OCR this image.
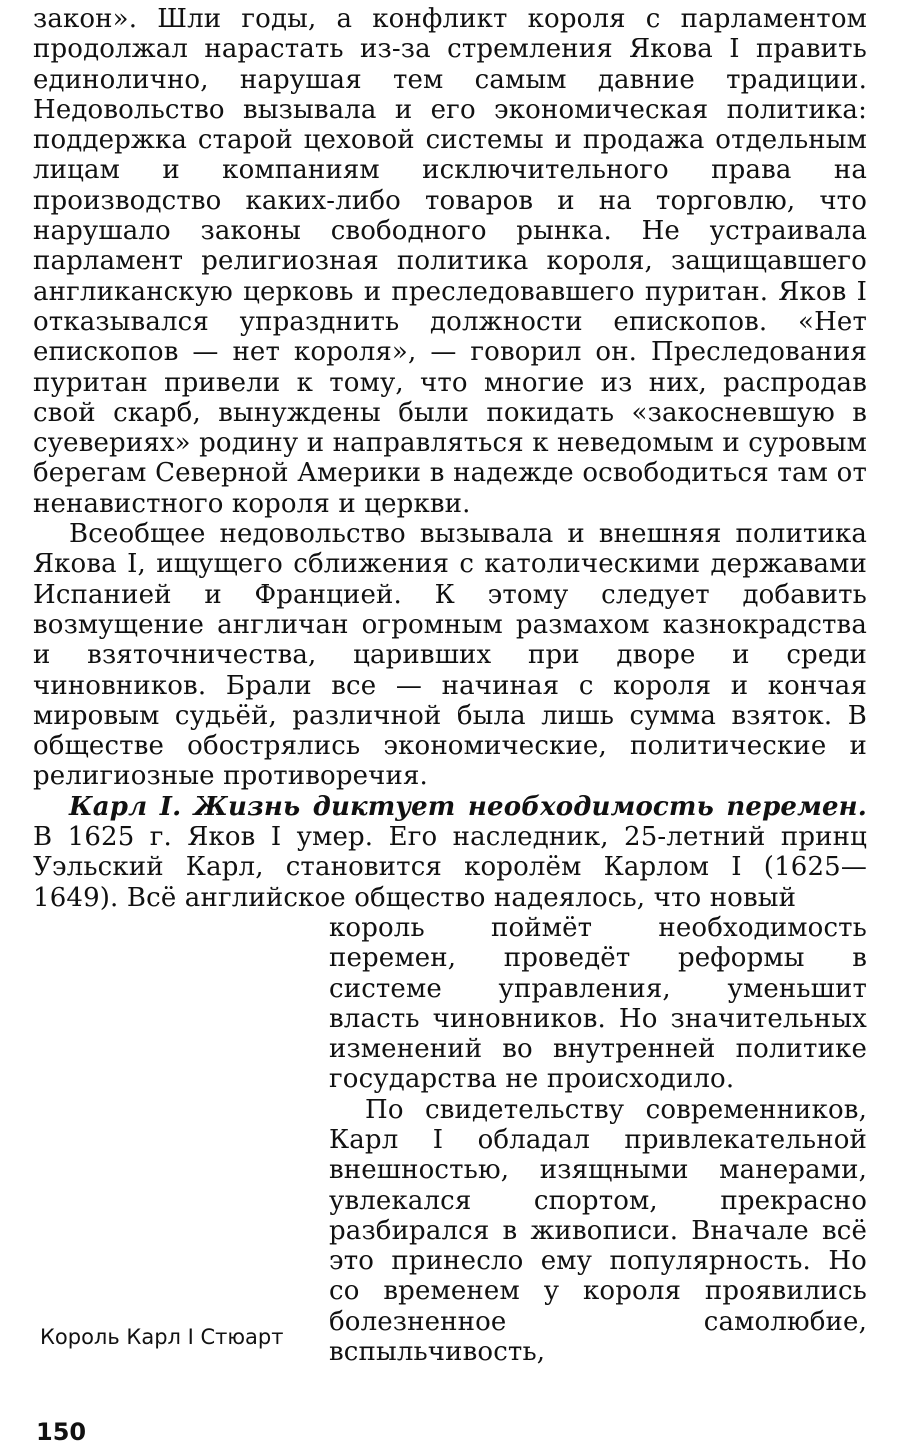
закон». Шли годы, а конфликт короля с парламентом продолжал нарастать из-за стремления Якова I править единолично, нарушая тем самым давние традиции. Недовольство вызывала и его экономическая политика: поддержка старой цеховой системы и продажа отдельным лицам и компаниям исключительного права на производство каких-либо товаров и на торговлю, что нарушало законы свободного рынка. Не устраивала парламент религиозная политика короля, защищавшего англиканскую церковь и преследовавшего пуритан. Яков I отказывался упразднить должности епископов. «Нет епископов — нет короля», — говорил он. Преследования пуритан привели к тому, что многие из них, распродав свой скарб, вынуждены были покидать «закосневшую в суевериях» родину и направляться к неведомым и суровым берегам Северной Америки в надежде освободиться там от ненавистного короля и церкви.

Всеобщее недовольство вызывала и внешняя политика Якова I, ищущего сближения с католическими державами Испанией и Францией. К этому следует добавить возмущение англичан огромным размахом казнокрадства и взяточничества, царивших при дворе и среди чиновников. Брали все — начиная с короля и кончая мировым судьёй, различной была лишь сумма взяток. В обществе обострялись экономические, политические и религиозные противоречия.

Карл I. Жизнь диктует необходимость перемен. В 1625 г. Яков I умер. Его наследник, 25-летний принц Уэльский Карл, становится королём Карлом I (1625—1649). Всё английское общество надеялось, что новый

король поймёт необходимость перемен, проведёт реформы в системе управления, уменьшит власть чиновников. Но значительных изменений во внутренней политике государства не происходило.

По свидетельству современников, Карл I обладал привлекательной внешностью, изящными манерами, увлекался спортом, прекрасно разбирался в живописи. Вначале всё это принесло ему популярность. Но со временем у короля проявились болезненное самолюбие, вспыльчивость,

Король Карл I Стюарт
150
